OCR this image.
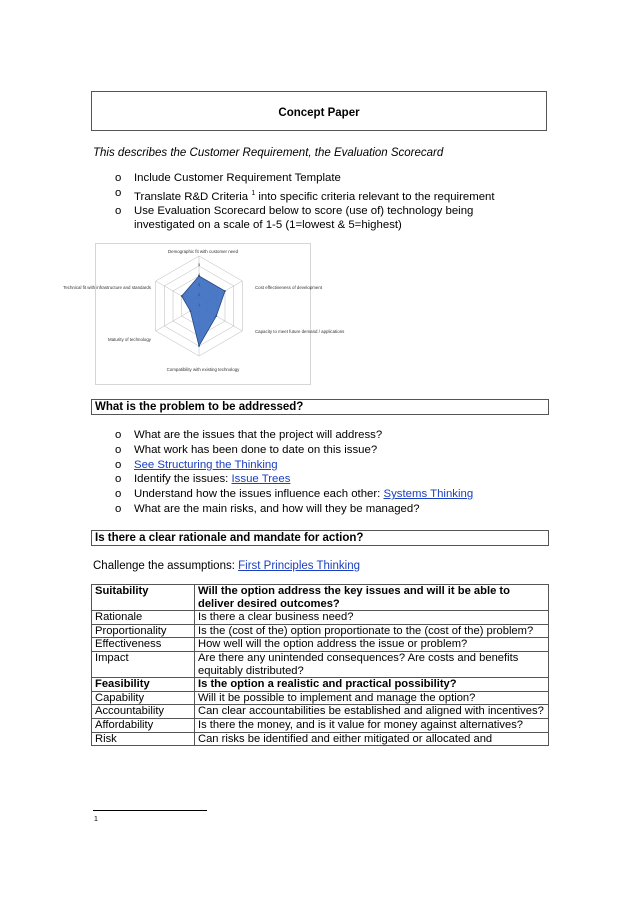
Concept Paper
This describes the Customer Requirement, the Evaluation Scorecard
o Include Customer Requirement Template
o Translate R&D Criteria $^1$ into specific criteria relevant to the requirement
o Use Evaluation Scorecard below to score (use of) technology being investigated on a scale of 1-5 (1=lowest & 5=highest)
5
4
3
2
1
Demographic fit with customer need
Cost effectiveness of development
Capacity to meet future demand / applications
Compatibility with existing technology
Maturity of technology
Technical fit with infrastructure and standards
What is the problem to be addressed?
o What are the issues that the project will address?
o What work has been done to date on this issue?
o See Structuring the Thinking
o Identify the issues: Issue Trees
o Understand how the issues influence each other: Systems Thinking
o What are the main risks, and how will they be managed?
Is there a clear rationale and mandate for action?
Challenge the assumptions: First Principles Thinking
Suitability	Will the option address the key issues and will it be able to deliver desired outcomes?
Rationale	Is there a clear business need?
Proportionality	Is the (cost of the) option proportionate to the (cost of the) problem?
Effectiveness	How well will the option address the issue or problem?
Impact	Are there any unintended consequences? Are costs and benefits equitably distributed?
Feasibility	Is the option a realistic and practical possibility?
Capability	Will it be possible to implement and manage the option?
Accountability	Can clear accountabilities be established and aligned with incentives?
Affordability	Is there the money, and is it value for money against alternatives?
Risk	Can risks be identified and either mitigated or allocated and
1
